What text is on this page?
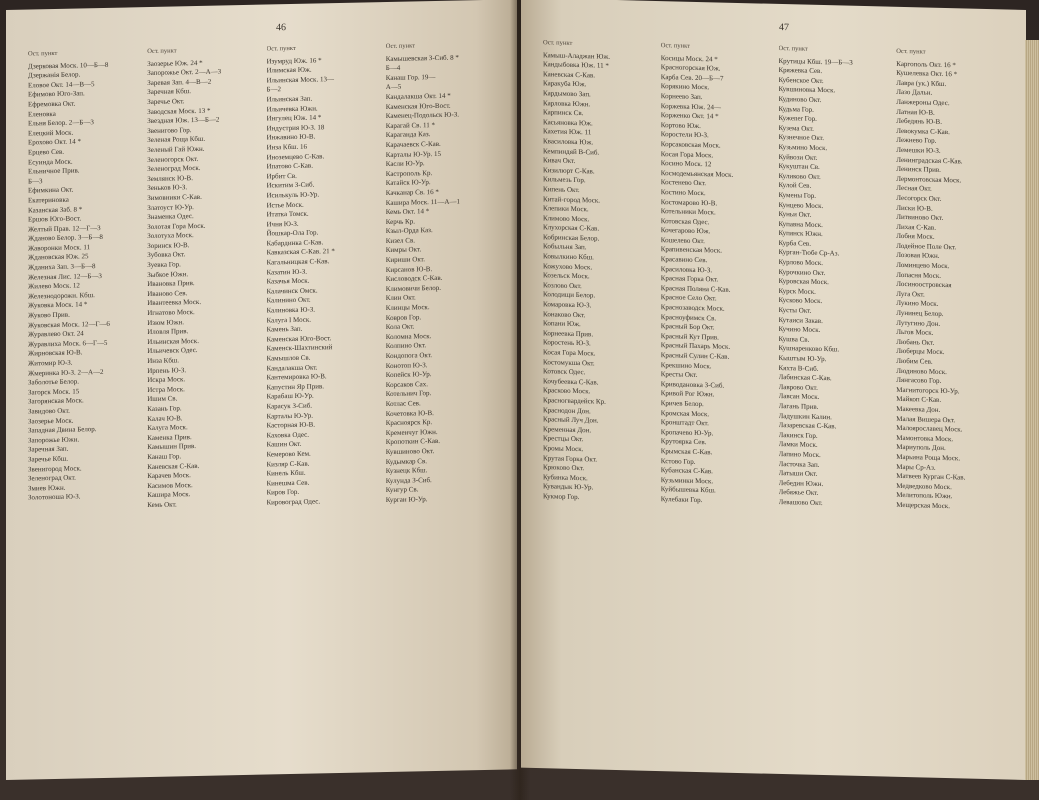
46
Ост. пункт
Дзерковая Моск. 10—Б—8
Дзержанія Белор.
Еловое Окт. 14—В—5
Ефимово Юго-Зап.
Ефремовка Окт.
Еленовка
Ельня Белор. 2—Б—3
Елецкий Моск.
Ерохово Окт. 14 *
Ерцево Сев.
Есуинда Моск.
Ельничное Прив.
Б—3
Ефимкина Окт.
Екатериновка
Казанская Заб. 8 *
Ершов Юго-Вост.
Желтый Прав. 12—Г—3
Жданово Белор. 3—Б—8
Жаворонки Моск. 11
Ждановская Юж. 25
Жданиха Зап. 3—Б—8
Железная Лис. 12—Б—3
Жилево Моск. 12
Железнодорожн. Кбш.
Жуковка Моск. 14 *
Жуково Прив.
Жуковская Моск. 12—Г—6
Журавлево Окт. 24
Журавлиха Моск. 6—Г—5
Жирновская Ю-В.
Житомир Ю-З.
Жмеринка Ю-З. 2—А—2
Заболотье Белор.
Загорск Моск. 15
Загорянская Моск.
Завидово Окт.
Заозерье Моск.
Западная Двина Белор.
Запорожье Южн.
Заречная Зап.
Заречье Кбш.
Звенигород Моск.
Зеленоград Окт.
Змиев Южн.
Золотоноша Ю-З.
Ост. пункт
Заозерье Юж. 24 *
Запорожье Окт. 2—А—3
Заревая Зап. 4—В—2
Заречная Кбш.
Заречье Окт.
Заводская Моск. 13 *
Звездная Юж. 13—Б—2
Звенигово Гор.
Зеленая Роща Кбш.
Зеленый Гай Южн.
Зеленогорск Окт.
Зеленоград Моск.
Землянск Ю-В.
Зеньков Ю-З.
Зимовники С-Кав.
Златоуст Ю-Ур.
Знаменка Одес.
Золотая Гора Моск.
Золотуха Моск.
Зоринск Ю-В.
Зубовка Окт.
Зуевка Гор.
Зыбкое Южн.
Ивановка Прив.
Иваново Сев.
Ивантеевка Моск.
Игнатово Моск.
Изюм Южн.
Иловля Прив.
Ильинская Моск.
Ильичевск Одес.
Инза Кбш.
Ирпень Ю-З.
Искра Моск.
Истра Моск.
Ишим Св.
Казань Гор.
Калач Ю-В.
Калуга Моск.
Каменка Прив.
Камышин Прив.
Канаш Гор.
Каневская С-Кав.
Карачев Моск.
Касимов Моск.
Каширa Моск.
Кемь Окт.
Ост. пункт
Изумруд Юж. 16 *
Илимская Юж.
Ильинская Моск. 13—
Б—2
Ильинская Зап.
Ильичевка Южн.
Ингулец Юж. 14 *
Индустрия Ю-З. 18
Инжавино Ю-В.
Инза Кбш. 16
Иноземцево С-Кав.
Ипатово С-Кав.
Ирбит Св.
Искитим З-Сиб.
Исилькуль Ю-Ур.
Истье Моск.
Итатка Томск.
Ичня Ю-З.
Йошкар-Ола Гор.
Кабардинка С-Кав.
Кавказская С-Кав. 21 *
Кагальницкая С-Кав.
Казатин Ю-З.
Казачья Моск.
Калачинск Омск.
Калинино Окт.
Калиновка Ю-З.
Калуга I Моск.
Камень Зап.
Каменская Юго-Вост.
Каменск-Шахтинский
Камышлов Св.
Кандалакша Окт.
Кантемировка Ю-В.
Капустин Яр Прив.
Карабаш Ю-Ур.
Карасук З-Сиб.
Карталы Ю-Ур.
Касторная Ю-В.
Каховка Одес.
Кашин Окт.
Кемерово Кем.
Кизляр С-Кав.
Кинель Кбш.
Кинешма Сев.
Киров Гор.
Кировоград Одес.
Ост. пункт
Камышевская З-Сиб. 8 *
Б—4
Канаш Гор. 19—
А—5
Кандалакша Окт. 14 *
Каменская Юго-Вост.
Каменец-Подольск Ю-З.
Карагай Св. 11 *
Караганда Каз.
Карачаевск С-Кав.
Карталы Ю-Ур. 15
Касли Ю-Ур.
Кастрополь Кр.
Катайск Ю-Ур.
Качканар Св. 16 *
Кашира Моск. 11—А—1
Кемь Окт. 14 *
Керчь Кр.
Кзыл-Орда Каз.
Кизел Св.
Кимры Окт.
Кириши Окт.
Кирсанов Ю-В.
Кисловодск С-Кав.
Климовичи Белор.
Клин Окт.
Клинцы Моск.
Ковров Гор.
Кола Окт.
Коломна Моск.
Колпино Окт.
Кондопога Окт.
Конотоп Ю-З.
Копейск Ю-Ур.
Корсаков Сах.
Котельнич Гор.
Котлас Сев.
Кочетовка Ю-В.
Красноярск Кр.
Кременчуг Южн.
Кропоткин С-Кав.
Кувшиново Окт.
Кудымкар Св.
Кузнецк Кбш.
Кулунда З-Сиб.
Кунгур Св.
Курган Ю-Ур.
47
Ост. пункт
Камыш-Аладжан Юж.
Кандыбовка Юж. 11 *
Каневская С-Кав.
Каракуба Юж.
Кардымово Зап.
Карловка Южн.
Карпинск Св.
Касьяновка Юж.
Кахетия Юж. 11
Квасиловка Юж.
Кемпиндяй В-Сиб.
Кивач Окт.
Кизилюрт С-Кав.
Кильмезь Гор.
Кипень Окт.
Китай-город Моск.
Клепики Моск.
Климово Моск.
Клухорская С-Кав.
Кобринская Белор.
Кобыльня Зап.
Ковылкино Кбш.
Кожухово Моск.
Козельск Моск.
Козлово Окт.
Колодищи Белор.
Комаровка Ю-З.
Конаково Окт.
Копани Юж.
Корнеевка Прив.
Коростень Ю-З.
Косая Гора Моск.
Костомукша Окт.
Котовск Одес.
Кочубеевка С-Кав.
Красково Моск.
Красногвардейск Кр.
Краснодон Дон.
Красный Луч Дон.
Кременная Дон.
Крестцы Окт.
Кромы Моск.
Крутая Горка Окт.
Крюково Окт.
Кубинка Моск.
Кувандык Ю-Ур.
Кукмор Гор.
Ост. пункт
Косицы Моск. 24 *
Красногорская Юж.
Карба Сев. 20—Б—7
Корякино Моск.
Корнеево Зап.
Коржевка Юж. 24—
Корженко Окт. 14 *
Кортово Юж.
Коростели Ю-З.
Корсаковская Моск.
Косая Гора Моск.
Косино Моск. 12
Космодемьянская Моск.
Костенево Окт.
Костино Моск.
Костомарово Ю-В.
Котельники Моск.
Котовская Одес.
Кочегарово Юж.
Кошелево Окт.
Крапивенская Моск.
Красавино Сев.
Красиловка Ю-З.
Красная Горка Окт.
Красная Поляна С-Кав.
Красное Село Окт.
Краснозаводск Моск.
Красноуфимск Св.
Красный Бор Окт.
Красный Кут Прив.
Красный Пахарь Моск.
Красный Сулин С-Кав.
Крекшино Моск.
Кресты Окт.
Криводановка З-Сиб.
Кривой Рог Южн.
Кричев Белор.
Кромская Моск.
Кронштадт Окт.
Кропачево Ю-Ур.
Крутоярка Сев.
Крымская С-Кав.
Кстово Гор.
Кубанская С-Кав.
Кузьминки Моск.
Куйбышевка Кбш.
Кулебаки Гор.
Ост. пункт
Крутицы Кбш. 19—Б—3
Кряжевка Сев.
Кубенское Окт.
Кувшиновка Моск.
Кудиново Окт.
Кудьма Гор.
Кужener Гор.
Кузема Окт.
Кузнечное Окт.
Кузьмино Моск.
Куйвози Окт.
Кукуштан Св.
Куликово Окт.
Кулой Сев.
Кумены Гор.
Кунцево Моск.
Куньи Окт.
Купавна Моск.
Купянск Южн.
Курба Сев.
Курган-Тюбе Ср-Аз.
Курлово Моск.
Курочкино Окт.
Куровская Моск.
Курск Моск.
Кусково Моск.
Кусты Окт.
Кутаиси Закав.
Кучино Моск.
Кушва Св.
Кушнаренково Кбш.
Кыштым Ю-Ур.
Кяхта В-Сиб.
Лабинская С-Кав.
Лаврово Окт.
Лавсан Моск.
Лагань Прив.
Ладушкин Калин.
Лазаревская С-Кав.
Лакинск Гор.
Ламки Моск.
Лапино Моск.
Ласточка Зап.
Латыши Окт.
Лебедин Южн.
Лебяжье Окт.
Левашово Окт.
Ост. пункт
Каргополь Окт. 16 *
Кушелевка Окт. 16 *
Лавра (ук.) Кбш.
Лазо Дальн.
Ланжероны Одес.
Латная Ю-В.
Лебедянь Ю-В.
Левокумка С-Кав.
Лежнево Гор.
Лемешки Ю-З.
Ленинградская С-Кав.
Ленинск Прив.
Лермонтовская Моск.
Лесная Окт.
Лесогорск Окт.
Лиски Ю-В.
Литвиново Окт.
Лихая С-Кав.
Лобня Моск.
Лодейное Поле Окт.
Лозовая Южн.
Ломинцево Моск.
Лопасня Моск.
Лосиноостровская
Луга Окт.
Лукино Моск.
Лунинец Белор.
Лутугино Дон.
Льгов Моск.
Любань Окт.
Люберцы Моск.
Любим Сев.
Людиново Моск.
Лянгасово Гор.
Магнитогорск Ю-Ур.
Майкоп С-Кав.
Макеевка Дон.
Малая Вишера Окт.
Малоярославец Моск.
Мамонтовка Моск.
Мариуполь Дон.
Марьина Роща Моск.
Мары Ср-Аз.
Матвеев Курган С-Кав.
Медведково Моск.
Мелитополь Южн.
Мещерская Моск.
